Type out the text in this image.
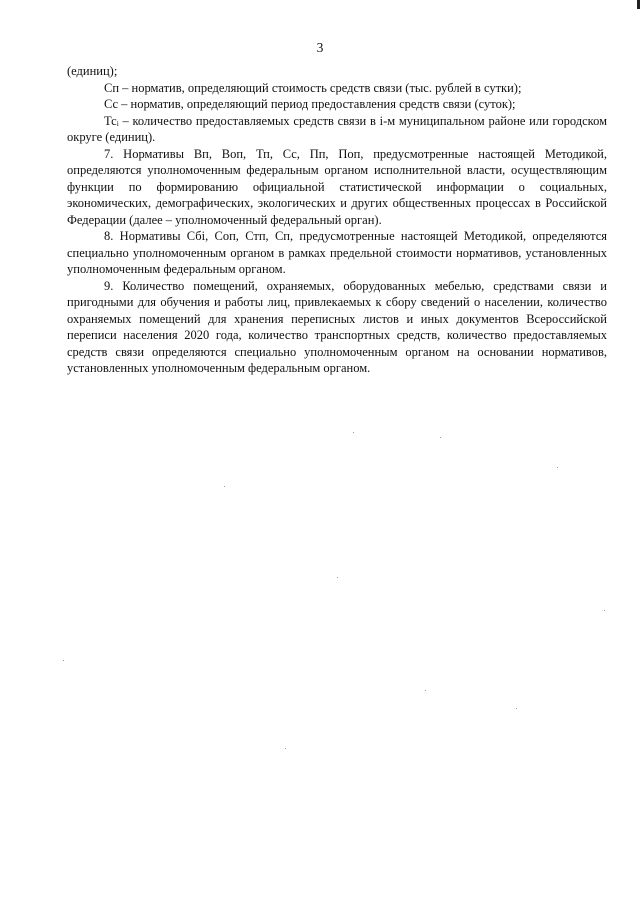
3

(единиц);

Сп – норматив, определяющий стоимость средств связи (тыс. рублей в сутки);

Сс – норматив, определяющий период предоставления средств связи (суток);

Тсᵢ – количество предоставляемых средств связи в i-м муниципальном районе или городском округе (единиц).

7. Нормативы Вп, Воп, Тп, Сс, Пп, Поп, предусмотренные настоящей Методикой, определяются уполномоченным федеральным органом исполнительной власти, осуществляющим функции по формированию официальной статистической информации о социальных, экономических, демографических, экологических и других общественных процессах в Российской Федерации (далее – уполномоченный федеральный орган).

8. Нормативы Сбі, Соп, Стп, Сп, предусмотренные настоящей Методикой, определяются специально уполномоченным органом в рамках предельной стоимости нормативов, установленных уполномоченным федеральным органом.

9. Количество помещений, охраняемых, оборудованных мебелью, средствами связи и пригодными для обучения и работы лиц, привлекаемых к сбору сведений о населении, количество охраняемых помещений для хранения переписных листов и иных документов Всероссийской переписи населения 2020 года, количество транспортных средств, количество предоставляемых средств связи определяются специально уполномоченным органом на основании нормативов, установленных уполномоченным федеральным органом.
